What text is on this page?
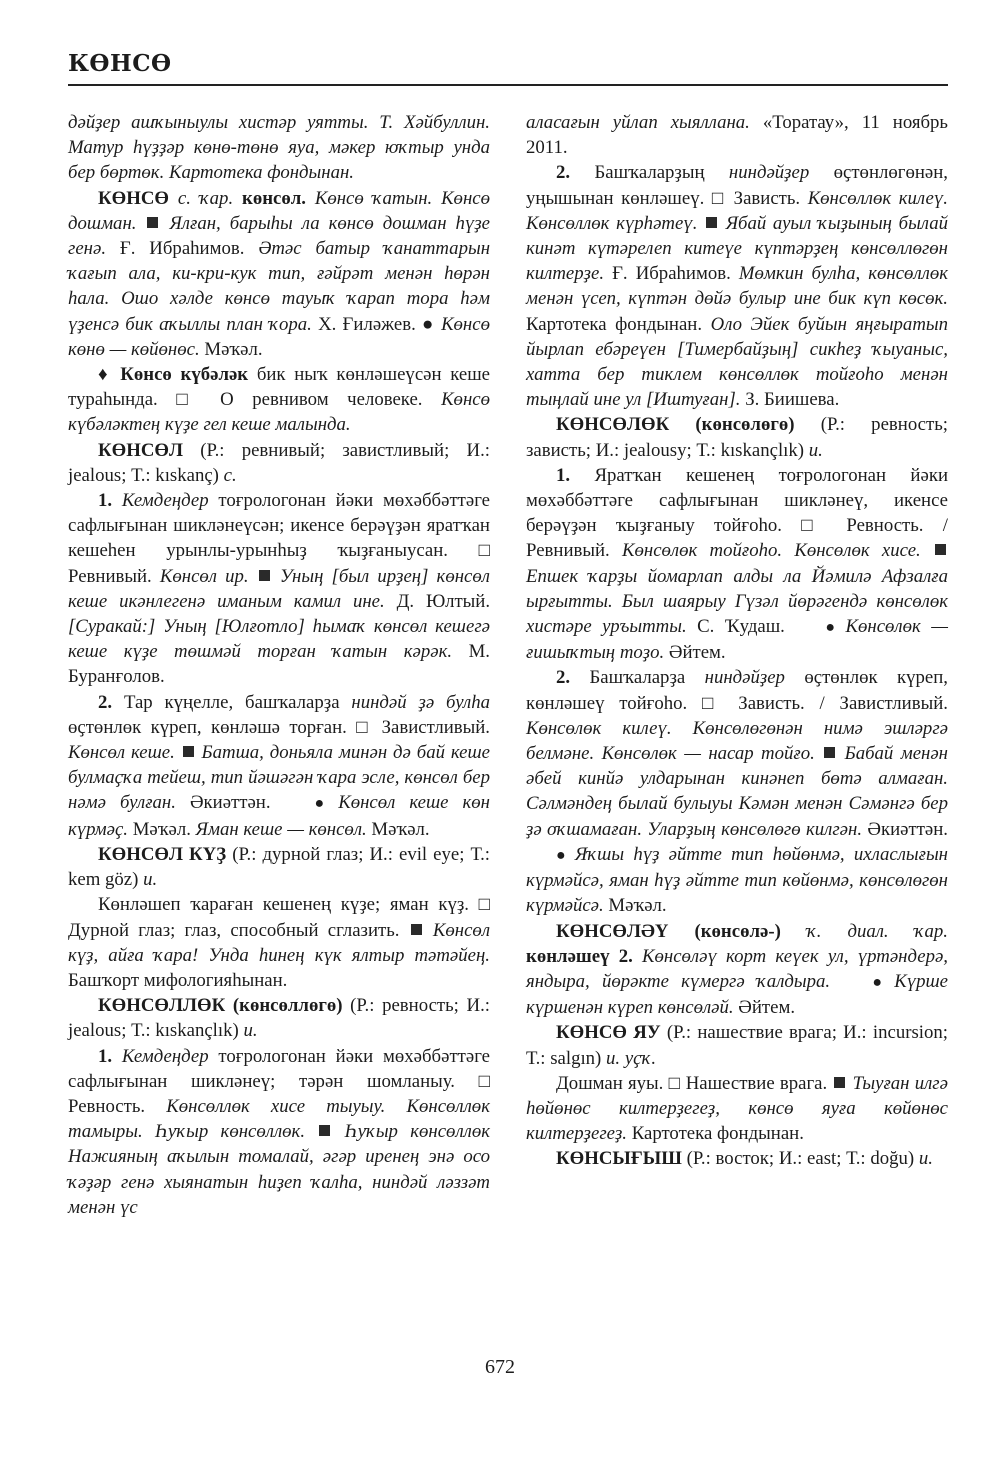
КӨНСӨ

дәйҙер ашҡыныулы хистәр уятты. Т. Хәйбуллин. Матур һүҙҙәр көнө-төнө яуа, мәкер юҡтыр унда бер бөртөк. Картотека фондынан.

КӨНСӨ с. ҡар. көнсөл. Көнсө ҡатын. Көнсө дошман. Ялған, барыһы ла көнсө дошман һүҙе генә. Ғ. Ибраһимов. Әтәс батыр ҡанаттарын ҡағып ала, ки-кри-кук тип, ғәйрәт менән һөрән һала. Ошо хәлде көнсө тауыҡ ҡарап тора һәм үҙенсә бик аҡыллы план ҡора. Х. Ғиләжев. ● Көнсө көнө — көйөнөс. Мәҡәл.

♦ Көнсө күбәләк бик ныҡ көнләшеүсән кеше тураһында. □ О ревнивом человеке. Көнсө күбәләктең күҙе гел кеше малында.

КӨНСӨЛ (Р.: ревнивый; завистливый; И.: jealous; Т.: kıskanç) с.

1. Кемдеңдер тоғрологонан йәки мөхәббәттәге сафлығынан шикләнеүсән; икенсе берәүҙән яратҡан кешеһен урынлы-урынһыҙ ҡыҙғаныусан. □ Ревнивый. Көнсөл ир. Уның [был ирҙең] көнсөл кеше икәнлегенә иманым камил ине. Д. Юлтый. [Суракай:] Уның [Юлғотло] һымаҡ көнсөл кешегә кеше күҙе төшмәй торған ҡатын кәрәк. М. Буранғолов.

2. Тар күңелле, башҡаларҙа ниндәй ҙә булһа өҫтөнлөк күреп, көнләшә торған. □ Завистливый. Көнсөл кеше. Батша, доньяла минән дә бай кеше булмаҫҡа тейеш, тип йәшәгән ҡара эсле, көнсөл бер нәмә булған. Әкиәттән.	● Көнсөл кеше көн күрмәҫ. Мәҡәл. Яман кеше — көнсөл. Мәҡәл.

КӨНСӨЛ КҮҘ (Р.: дурной глаз; И.: evil eye; Т.: kem göz) и.

Көнләшеп ҡараған кешенең күҙе; яман күҙ. □ Дурной глаз; глаз, способный сглазить. Көнсөл күҙ, айға ҡара! Унда һинең күк ялтыр тәтәйең. Башҡорт мифологияһынан.

КӨНСӨЛЛӨК (көнсөллөгө) (Р.: ревность; И.: jealous; Т.: kıskançlık) и.

1. Кемдеңдер тоғрологонан йәки мөхәббәттәге сафлығынан шикләнеү; тәрән шомланыу. □ Ревность. Көнсөллөк хисе тыуыу. Көнсөллөк тамыры. Һуҡыр көнсөллөк. Һуҡыр көнсөллөк Нажияның аҡылын томалай, әгәр иренең энә осо ҡәҙәр генә хыянатын һиҙеп ҡалһа, ниндәй ләззәт менән үс

аласағын уйлап хыяллана. «Торатау», 11 ноябрь 2011.

2. Башҡаларҙың ниндәйҙер өҫтөнлөгөнән, уңышынан көнләшеү. □ Зависть. Көнсөллөк килеү. Көнсөллөк күрһәтеү. Ябай ауыл ҡыҙының былай кинәт күтәрелеп китеүе күптәрҙең көнсөллөгөн килтерҙе. Ғ. Ибраһимов. Мөмкин булһа, көнсөллөк менән үсеп, күптән дөйә булыр ине бик күп көсөк. Картотека фондынан. Оло Эйек буйын яңғыратып йырлап ебәреүен [Тимербайҙың] сикһеҙ ҡыуаныс, хатта бер тиклем көнсөллөк тойғоһо менән тыңлай ине ул [Иштуған]. З. Биишева.

КӨНСӨЛӨК (көнсөлөгө) (Р.: ревность; зависть; И.: jealousy; Т.: kıskançlık) и.

1. Яратҡан кешенең тоғрологонан йәки мөхәббәттәге сафлығынан шикләнеү, икенсе берәүҙән ҡыҙғаныу тойғоһо. □ Ревность. / Ревнивый. Көнсөлөк тойғоһо. Көнсөлөк хисе.  Епшек ҡарҙы йомарлап алды ла Йәмилә Афзалға ырғытты. Был шаярыу Гүзәл йөрәгендә көнсөлөк хистәре уръытты. С. Ҡудаш.	● Көнсөлөк — ғишыҡтың тоҙо. Әйтем.

2. Башҡаларҙа ниндәйҙер өҫтөнлөк күреп, көнләшеү тойғоһо. □ Зависть. / Завистливый. Көнсөлөк килеү. Көнсөлөгөнән нимә эшләргә белмәне. Көнсөлөк — насар тойғо. Бабай менән әбей кинйә улдарынан кинәнеп бөтә алмаған. Сәлмәндең былай булыуы Кәмән менән Сәмәнгә бер ҙә оҡшамаған. Уларҙың көнсөлөгө килгән. Әкиәттән. ● Яҡшы һүҙ әйтте тип һөйөнмә, ихласлығын күрмәйсә, яман һүҙ әйтте тип көйөнмә, көнсөлөгөн күрмәйсә. Мәҡәл.

КӨНСӨЛӘҮ (көнсөлә-) ҡ. диал. ҡар. көнләшеү 2. Көнсөләү корт кеүек ул, үртәндерә, яндыра, йөрәкте күмергә ҡалдыра.	● Күрше күршенән күреп көнсөләй. Әйтем.

КӨНСӨ ЯУ (Р.: нашествие врага; И.: incursion; Т.: salgın) и. уҫҡ.

Дошман яуы. □ Нашествие врага. Тыуған илгә һөйөнөс килтерҙегеҙ, көнсө яуға көйөнөс килтерҙегеҙ. Картотека фондынан.

КӨНСЫҒЫШ (Р.: восток; И.: east; Т.: doğu) и.

672
